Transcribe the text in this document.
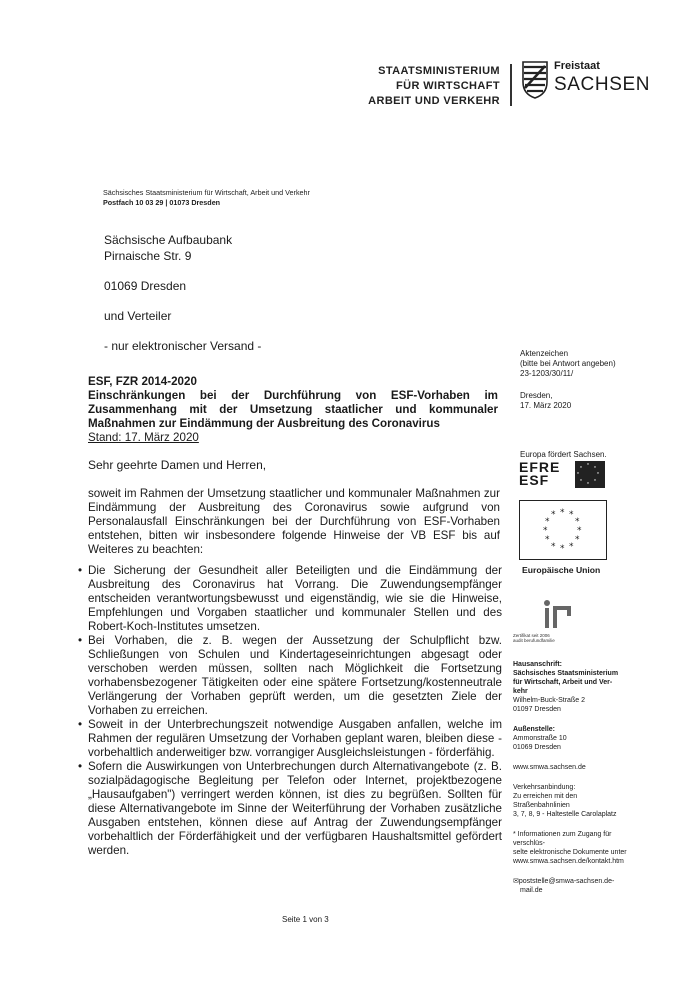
STAATSMINISTERIUM
FÜR WIRTSCHAFT
ARBEIT UND VERKEHR
Freistaat
SACHSEN
Sächsisches Staatsministerium für Wirtschaft, Arbeit und Verkehr
Postfach 10 03 29 | 01073 Dresden
Sächsische Aufbaubank
Pirnaische Str. 9
01069 Dresden
und Verteiler
- nur elektronischer Versand -
Aktenzeichen
(bitte bei Antwort angeben)
23-1203/30/11/
Dresden,
17. März 2020
ESF, FZR 2014-2020
Einschränkungen bei der Durchführung von ESF-Vorhaben im Zusammenhang mit der Umsetzung staatlicher und kommunaler Maßnahmen zur Eindämmung der Ausbreitung des Coronavirus
Stand: 17. März 2020
Sehr geehrte Damen und Herren,
soweit im Rahmen der Umsetzung staatlicher und kommunaler Maßnahmen zur Eindämmung der Ausbreitung des Coronavirus sowie aufgrund von Personalausfall Einschränkungen bei der Durchführung von ESF-Vorhaben entstehen, bitten wir insbesondere folgende Hinweise der VB ESF bis auf Weiteres zu beachten:
• Die Sicherung der Gesundheit aller Beteiligten und die Eindämmung der Ausbreitung des Coronavirus hat Vorrang. Die Zuwendungsempfänger entscheiden verantwortungsbewusst und eigenständig, wie sie die Hinweise, Empfehlungen und Vorgaben staatlicher und kommunaler Stellen und des Robert-Koch-Institutes umsetzen.
• Bei Vorhaben, die z. B. wegen der Aussetzung der Schulpflicht bzw. Schließungen von Schulen und Kindertageseinrichtungen abgesagt oder verschoben werden müssen, sollten nach Möglichkeit die Fortsetzung vorhabensbezogener Tätigkeiten oder eine spätere Fortsetzung/kostenneutrale Verlängerung der Vorhaben geprüft werden, um die gesetzten Ziele der Vorhaben zu erreichen.
• Soweit in der Unterbrechungszeit notwendige Ausgaben anfallen, welche im Rahmen der regulären Umsetzung der Vorhaben geplant waren, bleiben diese - vorbehaltlich anderweitiger bzw. vorrangiger Ausgleichsleistungen - förderfähig.
• Sofern die Auswirkungen von Unterbrechungen durch Alternativangebote (z. B. sozialpädagogische Begleitung per Telefon oder Internet, projektbezogene „Hausaufgaben") verringert werden können, ist dies zu begrüßen. Sollten für diese Alternativangebote im Sinne der Weiterführung der Vorhaben zusätzliche Ausgaben entstehen, können diese auf Antrag der Zuwendungsempfänger vorbehaltlich der Förderfähigkeit und der verfügbaren Haushaltsmittel gefördert werden.
Seite 1 von 3
Europa fördert Sachsen.
EFRE
ESF
* *
*
*
*
*
*
*
* *
*
*
*
*
*
*
*
*
*
*
Europäische Union
Zertifikat seit 2006
audit berufundfamilie
Hausanschrift:
Sächsisches Staatsministerium
für Wirtschaft, Arbeit und Ver-
kehr
Wilhelm-Buck-Straße 2
01097 Dresden
Außenstelle:
Ammonstraße 10
01069 Dresden
www.smwa.sachsen.de
Verkehrsanbindung:
Zu erreichen mit den Straßenbahnlinien
3, 7, 8, 9 - Haltestelle Carolaplatz
* Informationen zum Zugang für verschlüs-
selte elektronische Dokumente unter
www.smwa.sachsen.de/kontakt.htm
✉poststelle@smwa-sachsen.de-
mail.de
